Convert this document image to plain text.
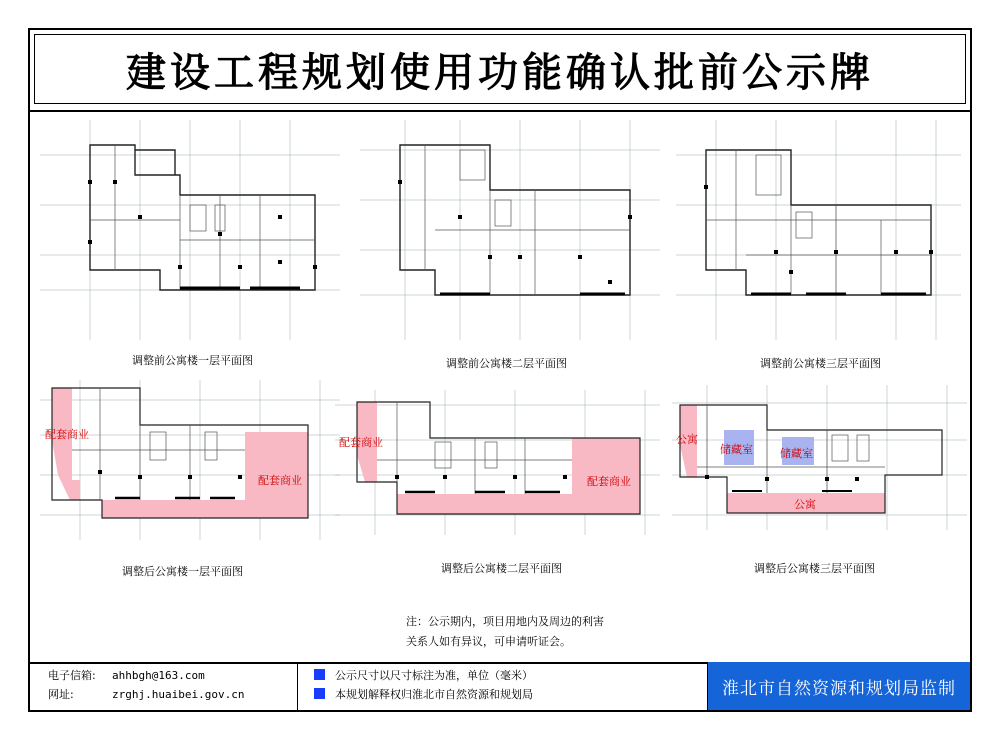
建设工程规划使用功能确认批前公示牌
调整前公寓楼一层平面图	调整前公寓楼二层平面图	调整前公寓楼三层平面图
配套商业
配套商业
调整后公寓楼一层平面图
配套商业
配套商业
调整后公寓楼二层平面图
公寓
储藏室 储藏室
公寓
调整后公寓楼三层平面图
注：公示期内，项目用地内及周边的利害
关系人如有异议，可申请听证会。
电子信箱: ahhbgh@163.com
网址:	zrghj.huaibei.gov.cn
公示尺寸以尺寸标注为准，单位（毫米）
本规划解释权归淮北市自然资源和规划局	淮北市自然资源和规划局监制
